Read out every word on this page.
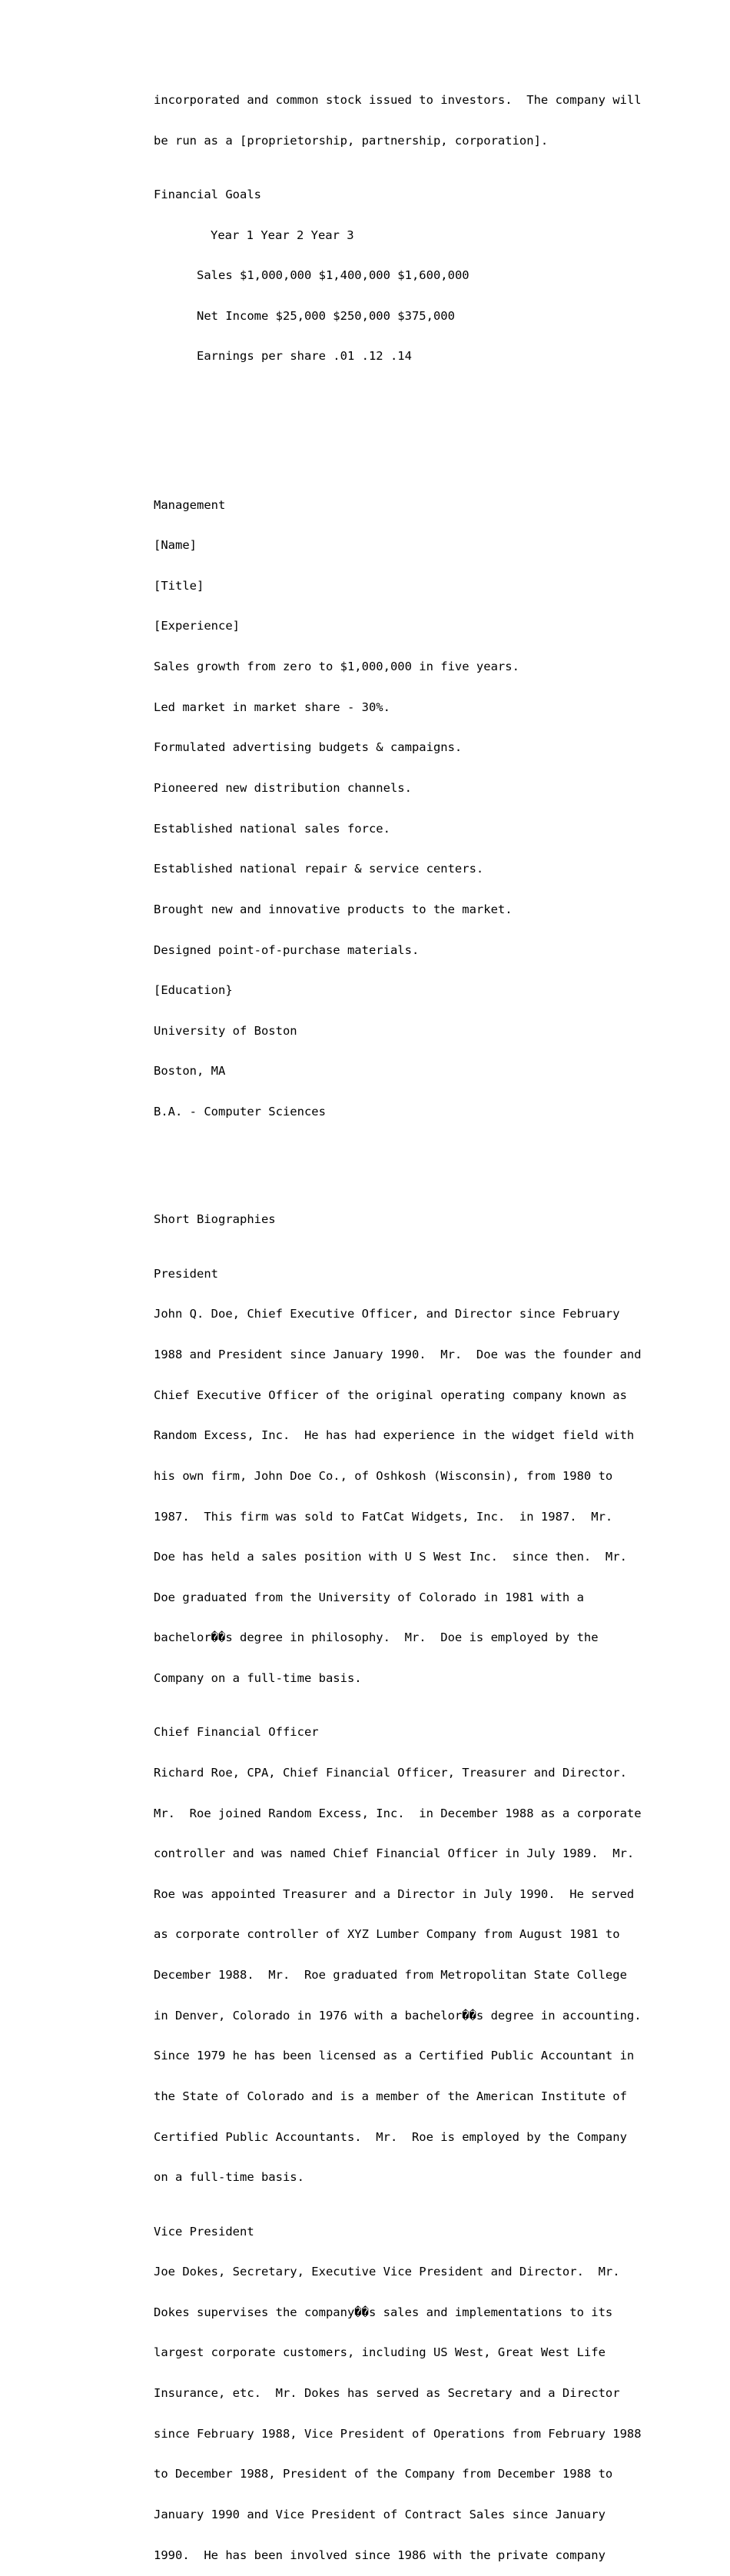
incorporated and common stock issued to investors.  The company will

be run as a [proprietorship, partnership, corporation].

Financial Goals

Year 1 Year 2 Year 3

Sales $1,000,000 $1,400,000 $1,600,000

Net Income $25,000 $250,000 $375,000

Earnings per share .01 .12 .14

Management

[Name]

[Title]

[Experience]

Sales growth from zero to $1,000,000 in five years.

Led market in market share - 30%.

Formulated advertising budgets & campaigns.

Pioneered new distribution channels.

Established national sales force.

Established national repair & service centers.

Brought new and innovative products to the market.

Designed point-of-purchase materials.

[Education}

University of Boston

Boston, MA

B.A. - Computer Sciences

Short Biographies

President

John Q. Doe, Chief Executive Officer, and Director since February

1988 and President since January 1990.  Mr.  Doe was the founder and

Chief Executive Officer of the original operating company known as

Random Excess, Inc.  He has had experience in the widget field with

his own firm, John Doe Co., of Oshkosh (Wisconsin), from 1980 to

1987.  This firm was sold to FatCat Widgets, Inc.  in 1987.  Mr.

Doe has held a sales position with U S West Inc.  since then.  Mr.

Doe graduated from the University of Colorado in 1981 with a

bachelor��s degree in philosophy.  Mr.  Doe is employed by the

Company on a full-time basis.

Chief Financial Officer

Richard Roe, CPA, Chief Financial Officer, Treasurer and Director.

Mr.  Roe joined Random Excess, Inc.  in December 1988 as a corporate

controller and was named Chief Financial Officer in July 1989.  Mr.

Roe was appointed Treasurer and a Director in July 1990.  He served

as corporate controller of XYZ Lumber Company from August 1981 to

December 1988.  Mr.  Roe graduated from Metropolitan State College

in Denver, Colorado in 1976 with a bachelor��s degree in accounting.

Since 1979 he has been licensed as a Certified Public Accountant in

the State of Colorado and is a member of the American Institute of

Certified Public Accountants.  Mr.  Roe is employed by the Company

on a full-time basis.

Vice President

Joe Dokes, Secretary, Executive Vice President and Director.  Mr.

Dokes supervises the company��s sales and implementations to its

largest corporate customers, including US West, Great West Life

Insurance, etc.  Mr. Dokes has served as Secretary and a Director

since February 1988, Vice President of Operations from February 1988

to December 1988, President of the Company from December 1988 to

January 1990 and Vice President of Contract Sales since January

1990.  He has been involved since 1986 with the private company
